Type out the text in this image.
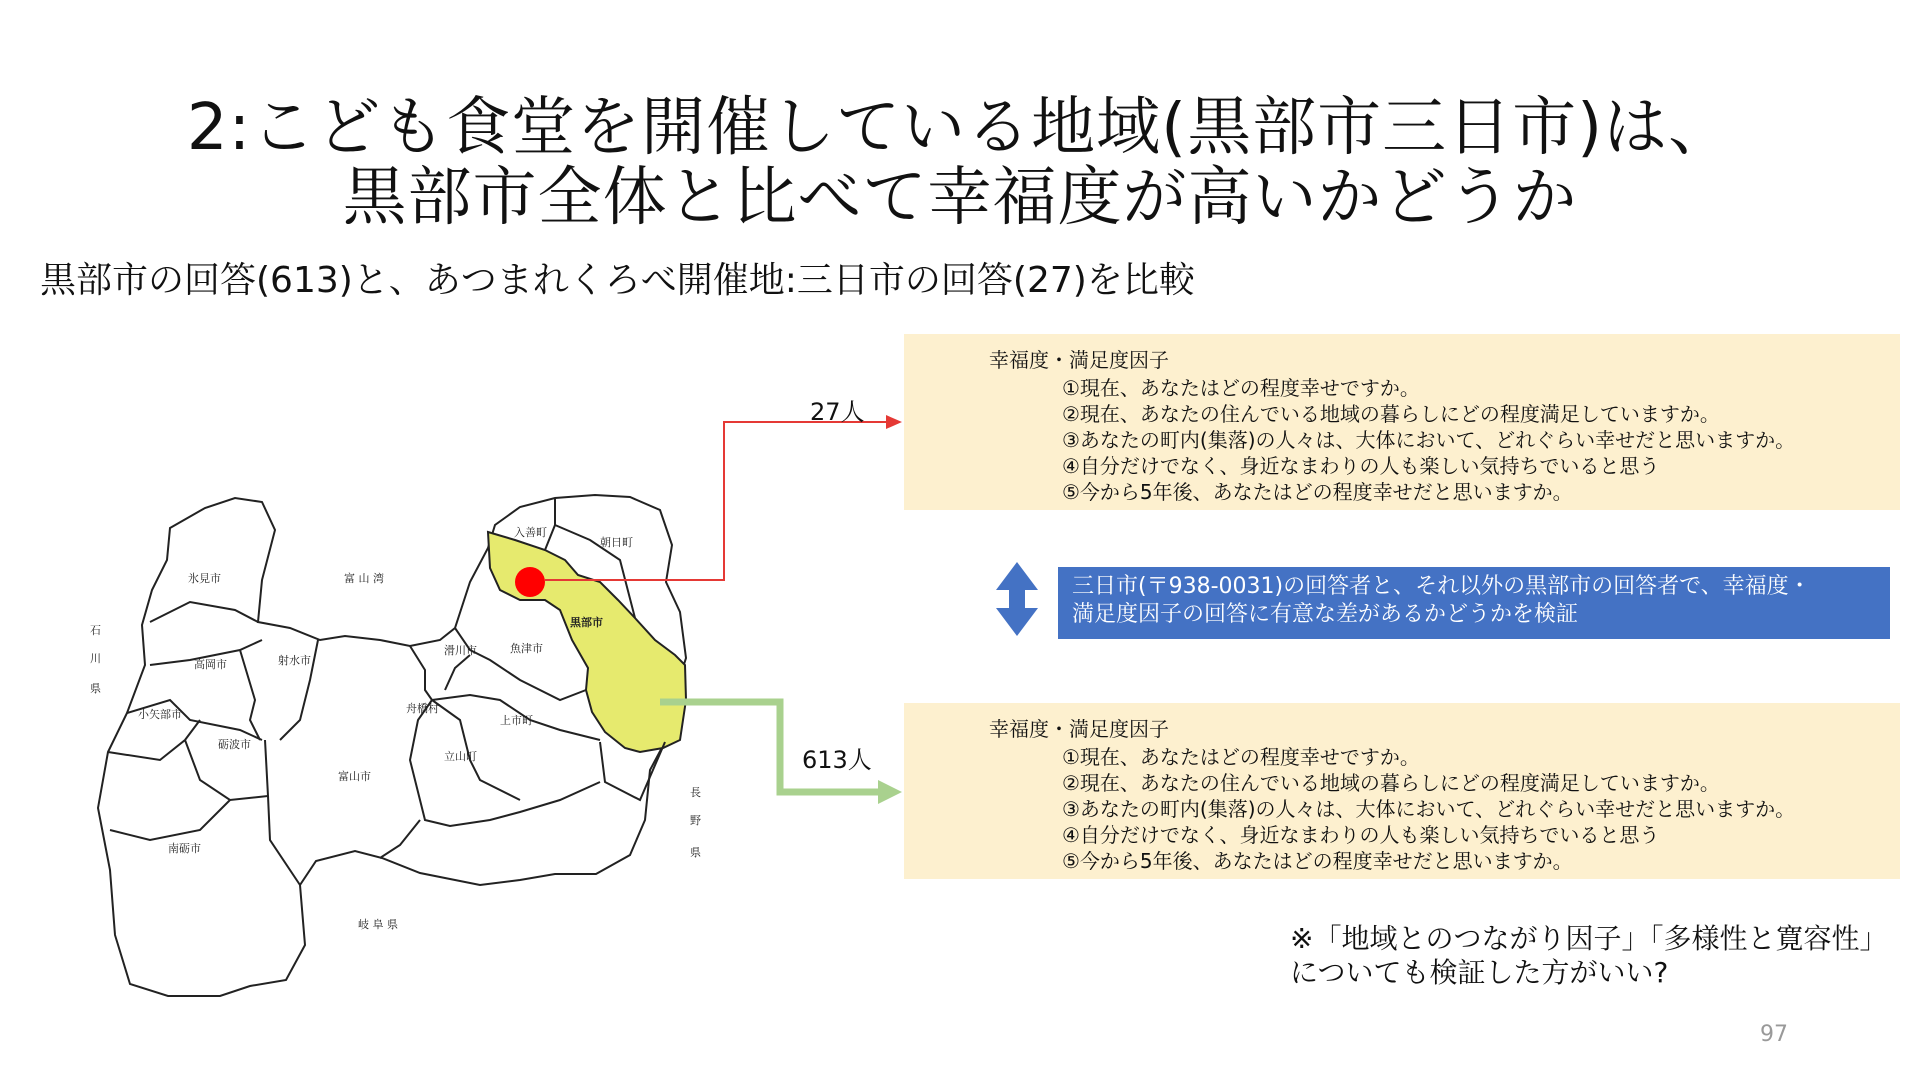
2:こども食堂を開催している地域(黒部市三日市)は、
黒部市全体と比べて幸福度が高いかどうか
黒部市の回答(613)と、あつまれくろべ開催地:三日市の回答(27)を比較
氷見市	富 山 湾
入善町
朝日町
黒部市
石
川
県
高岡市	射水市
滑川市	魚津市
小矢部市
砺波市
舟橋村
上市町
立山町
富山市
南砺市
長
野
県
岐 阜 県
27人
613人
幸福度・満足度因子
①現在、あなたはどの程度幸せですか。
②現在、あなたの住んでいる地域の暮らしにどの程度満足していますか。
③あなたの町内(集落)の人々は、大体において、どれぐらい幸せだと思いますか。
④自分だけでなく、身近なまわりの人も楽しい気持ちでいると思う
⑤今から5年後、あなたはどの程度幸せだと思いますか。
三日市(〒938-0031)の回答者と、それ以外の黒部市の回答者で、幸福度・
満足度因子の回答に有意な差があるかどうかを検証
幸福度・満足度因子
①現在、あなたはどの程度幸せですか。
②現在、あなたの住んでいる地域の暮らしにどの程度満足していますか。
③あなたの町内(集落)の人々は、大体において、どれぐらい幸せだと思いますか。
④自分だけでなく、身近なまわりの人も楽しい気持ちでいると思う
⑤今から5年後、あなたはどの程度幸せだと思いますか。
※「地域とのつながり因子」「多様性と寛容性」
についても検証した方がいい?
97
